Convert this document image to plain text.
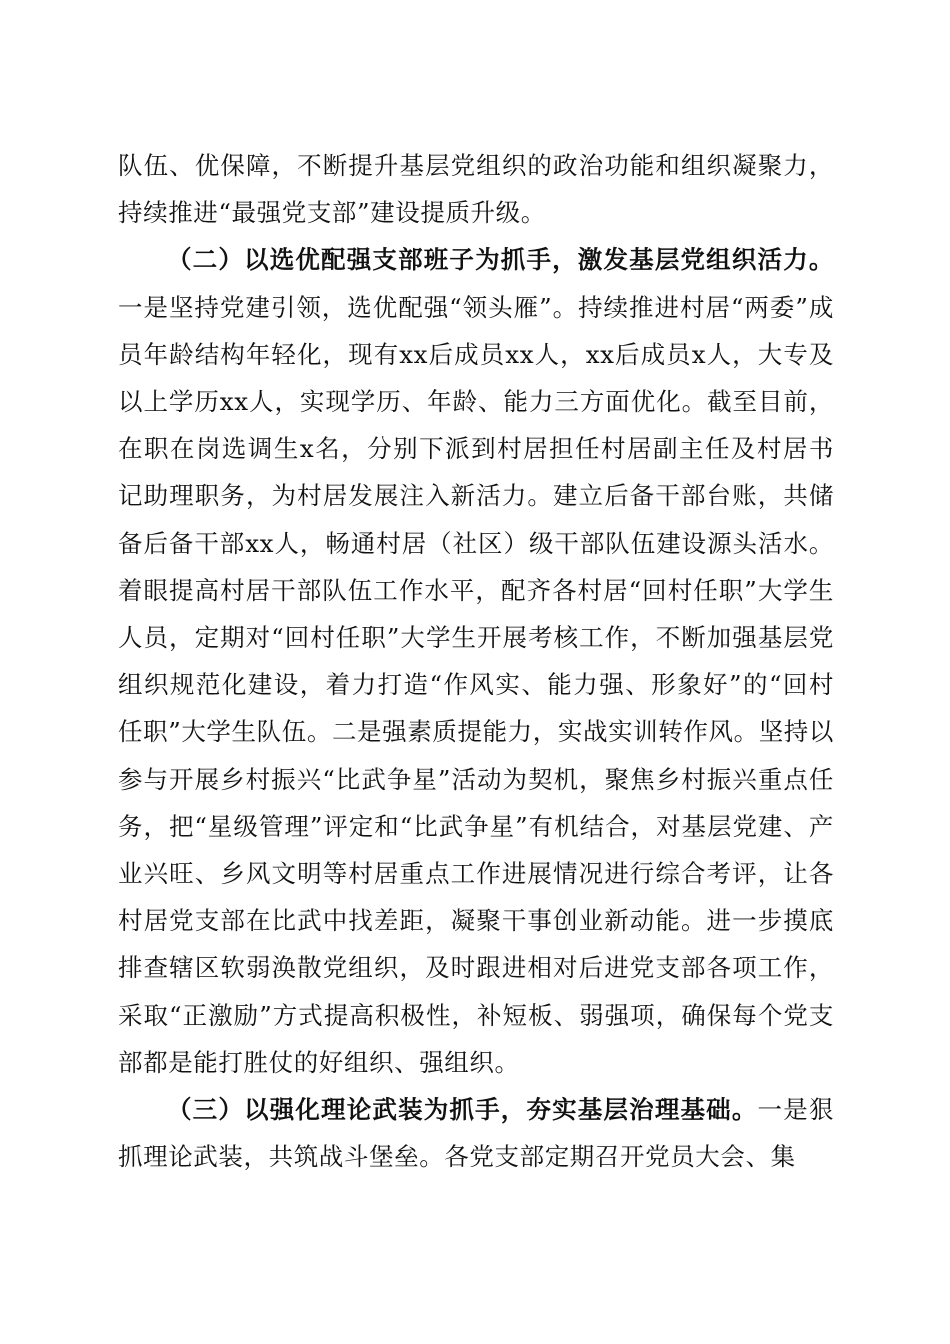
队伍、优保障，不断提升基层党组织的政治功能和组织凝聚力，持续推进“最强党支部”建设提质升级。

（二）以选优配强支部班子为抓手，激发基层党组织活力。一是坚持党建引领，选优配强“领头雁”。持续推进村居“两委”成员年龄结构年轻化，现有xx后成员xx人，xx后成员x人，大专及以上学历xx人，实现学历、年龄、能力三方面优化。截至目前，在职在岗选调生x名，分别下派到村居担任村居副主任及村居书记助理职务，为村居发展注入新活力。建立后备干部台账，共储备后备干部xx人，畅通村居（社区）级干部队伍建设源头活水。着眼提高村居干部队伍工作水平，配齐各村居“回村任职”大学生人员，定期对“回村任职”大学生开展考核工作，不断加强基层党组织规范化建设，着力打造“作风实、能力强、形象好”的“回村任职”大学生队伍。二是强素质提能力，实战实训转作风。坚持以参与开展乡村振兴“比武争星”活动为契机，聚焦乡村振兴重点任务，把“星级管理”评定和“比武争星”有机结合，对基层党建、产业兴旺、乡风文明等村居重点工作进展情况进行综合考评，让各村居党支部在比武中找差距，凝聚干事创业新动能。进一步摸底排查辖区软弱涣散党组织，及时跟进相对后进党支部各项工作，采取“正激励”方式提高积极性，补短板、弱强项，确保每个党支部都是能打胜仗的好组织、强组织。

（三）以强化理论武装为抓手，夯实基层治理基础。一是狠抓理论武装，共筑战斗堡垒。各党支部定期召开党员大会、集
